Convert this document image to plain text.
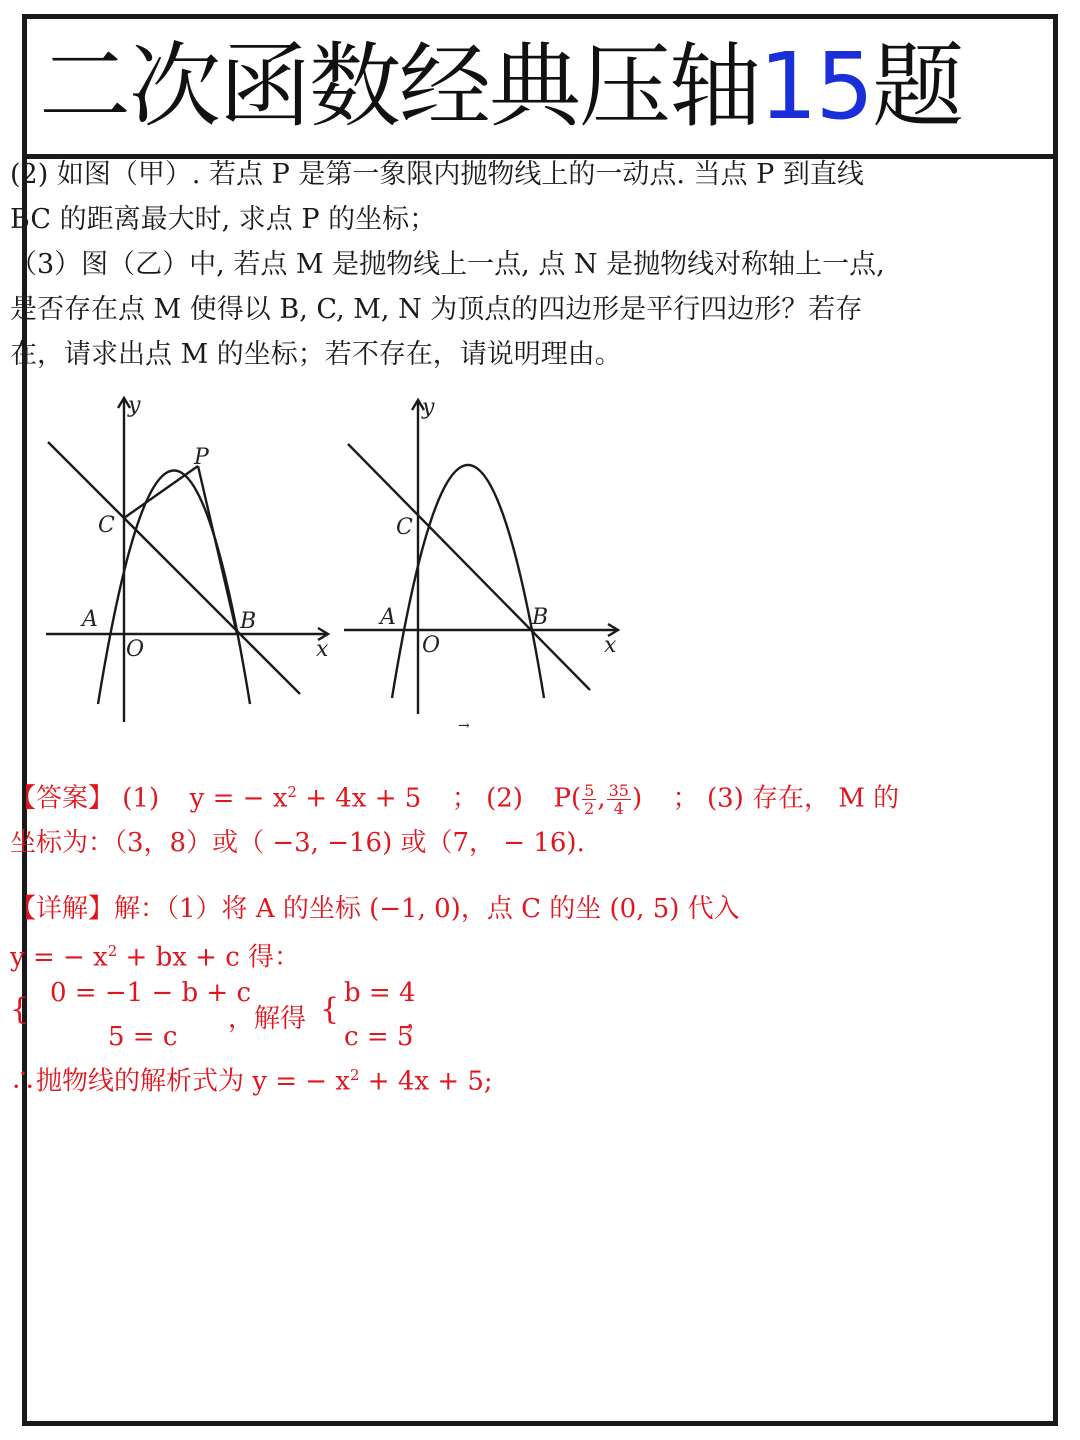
二次函数经典压轴15题

(2) 如图（甲）. 若点 P 是第一象限内抛物线上的一动点. 当点 P 到直线

BC 的距离最大时, 求点 P 的坐标；

（3）图（乙）中, 若点 M 是抛物线上一点, 点 N 是抛物线对称轴上一点,

是否存在点 M 使得以 B, C, M, N 为顶点的四边形是平行四边形？若存

在，请求出点 M 的坐标；若不存在，请说明理由。

P
y
x
O
A	B
C
y
x
O
A	B
C
→
【答案】 (1) y = − $x^2 + 4x + 5$ ； (2) $P( \frac{5}{2}$ , $\frac{35}{4}$ )  ； (3) 存在， M 的
坐标为：（3，8）或（ −3, −16) 或（7， − 16).
【详解】解：（1）将 A 的坐标 (−1, 0)，点 C 的坐 (0, 5) 代入
y = − $x^2$ + bx + c 得：
{ 0 = −1 − b + c
5 = c
，解得 { b = 4
c = 5
，
∴抛物线的解析式为 y = − $x^2 + 4x + 5$;
